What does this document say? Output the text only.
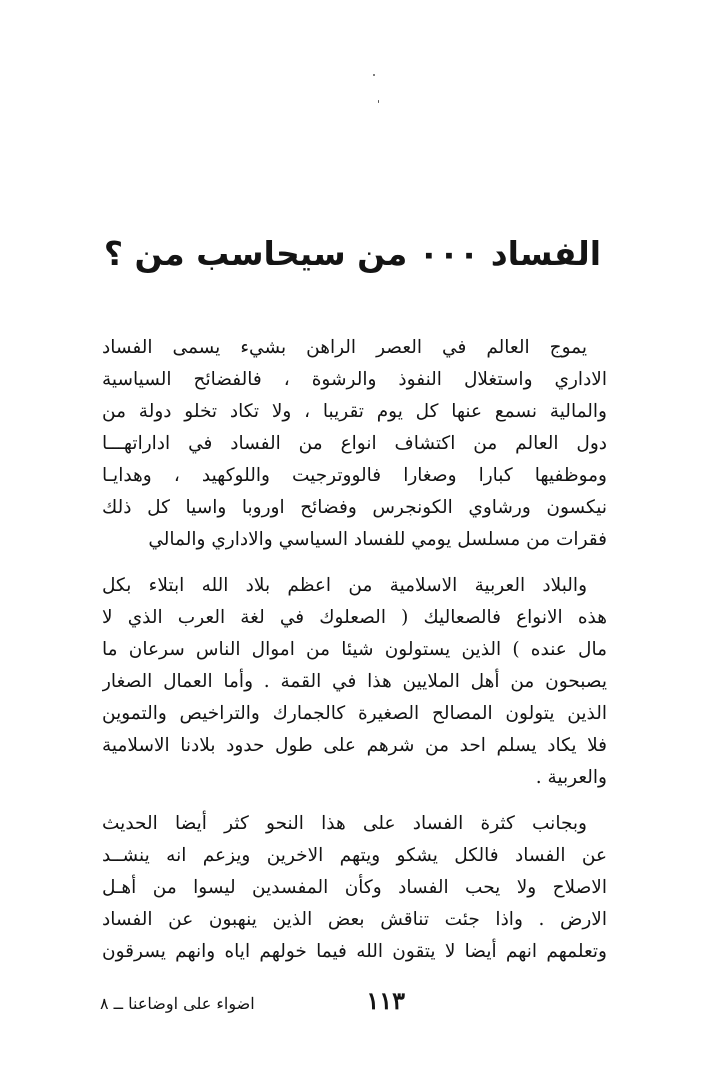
الفساد ٠٠٠ من سيحاسب من ؟
يموج العالم في العصر الراهن بشيء يسمى الفساد
الاداري واستغلال النفوذ والرشوة ، فالفضائح السياسية
والمالية نسمع عنها كل يوم تقريبا ، ولا تكاد تخلو دولة من
دول العالم من اكتشاف انواع من الفساد في اداراتهـــا
وموظفيها كبارا وصغارا فالووترجيت واللوكهيد ، وهدايـا
نيكسون ورشاوي الكونجرس وفضائح اوروبا واسيا كل ذلك
فقرات من مسلسل يومي للفساد السياسي والاداري والمالي
والبلاد العربية الاسلامية من اعظم بلاد الله ابتلاء بكل
هذه الانواع فالصعاليك ( الصعلوك في لغة العرب الذي لا
مال عنده ) الذين يستولون شيئا من اموال الناس سرعان ما
يصبحون من أهل الملايين هذا في القمة . وأما العمال الصغار
الذين يتولون المصالح الصغيرة كالجمارك والتراخيص والتموين
فلا يكاد يسلم احد من شرهم على طول حدود بلادنا الاسلامية
والعربية .
وبجانب كثرة الفساد على هذا النحو كثر أيضا الحديث
عن الفساد فالكل يشكو ويتهم الاخرين ويزعم انه ينشــد
الاصلاح ولا يحب الفساد وكأن المفسدين ليسوا من أهـل
الارض . واذا جئت تناقش بعض الذين ينهبون عن الفساد
وتعلمهم انهم أيضا لا يتقون الله فيما خولهم اياه وانهم يسرقون
١١٣
اضواء على اوضاعنا ــ ٨
